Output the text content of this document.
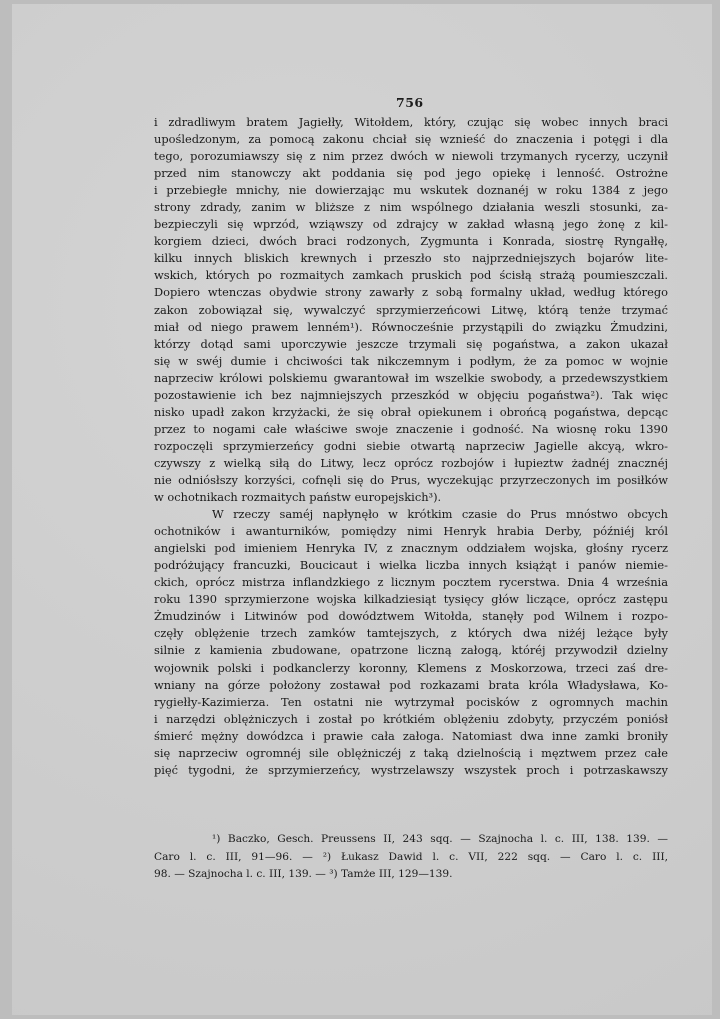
756
i zdradliwym bratem Jagiełły, Witołdem, który, czując się wobec innych braci
upośledzonym, za pomocą zakonu chciał się wznieść do znaczenia i potęgi i dla
tego, porozumiawszy się z nim przez dwóch w niewoli trzymanych rycerzy, uczynił
przed nim stanowczy akt poddania się pod jego opiekę i lenność. Ostrożne
i przebiegłe mnichy, nie dowierzając mu wskutek doznanéj w roku 1384 z jego
strony zdrady, zanim w bliższe z nim wspólnego działania weszli stosunki, za-
bezpieczyli się wprzód, wziąwszy od zdrajcy w zakład własną jego żonę z kil-
korgiem dzieci, dwóch braci rodzonych, Zygmunta i Konrada, siostrę Ryngałłę,
kilku innych bliskich krewnych i przeszło sto najprzedniejszych bojarów lite-
wskich, których po rozmaitych zamkach pruskich pod ścisłą strażą poumieszczali.
Dopiero wtenczas obydwie strony zawarły z sobą formalny układ, według którego
zakon zobowiązał się, wywalczyć sprzymierzeńcowi Litwę, którą tenże trzymać
miał od niego prawem lenném¹). Równocześnie przystąpili do związku Żmudzini,
którzy dotąd sami uporczywie jeszcze trzymali się pogaństwa, a zakon ukazał
się w swéj dumie i chciwości tak nikczemnym i podłym, że za pomoc w wojnie
naprzeciw królowi polskiemu gwarantował im wszelkie swobody, a przedewszystkiem
pozostawienie ich bez najmniejszych przeszkód w objęciu pogaństwa²). Tak więc
nisko upadł zakon krzyżacki, że się obrał opiekunem i obrońcą pogaństwa, depcąc
przez to nogami całe właściwe swoje znaczenie i godność. Na wiosnę roku 1390
rozpoczęli sprzymierzeńcy godni siebie otwartą naprzeciw Jagielle akcyą, wkro-
czywszy z wielką siłą do Litwy, lecz oprócz rozbojów i łupieztw żadnéj znacznéj
nie odniósłszy korzyści, cofnęli się do Prus, wyczekując przyrzeczonych im posiłków
w ochotnikach rozmaitych państw europejskich³).
W rzeczy saméj napłynęło w krótkim czasie do Prus mnóstwo obcych
ochotników i awanturników, pomiędzy nimi Henryk hrabia Derby, późniéj król
angielski pod imieniem Henryka IV, z znacznym oddziałem wojska, głośny rycerz
podróżujący francuzki, Boucicaut i wielka liczba innych książąt i panów niemie-
ckich, oprócz mistrza inflandzkiego z licznym pocztem rycerstwa. Dnia 4 września
roku 1390 sprzymierzone wojska kilkadziesiąt tysięcy głów liczące, oprócz zastępu
Żmudzinów i Litwinów pod dowództwem Witołda, stanęły pod Wilnem i rozpo-
częły oblężenie trzech zamków tamtejszych, z których dwa niżéj leżące były
silnie z kamienia zbudowane, opatrzone liczną załogą, któréj przywodził dzielny
wojownik polski i podkanclerzy koronny, Klemens z Moskorzowa, trzeci zaś dre-
wniany na górze położony zostawał pod rozkazami brata króla Władysława, Ko-
rygiełły-Kazimierza. Ten ostatni nie wytrzymał pocisków z ogromnych machin
i narzędzi oblężniczych i został po krótkiém oblężeniu zdobyty, przyczém poniósł
śmierć mężny dowódzca i prawie cała załoga. Natomiast dwa inne zamki broniły
się naprzeciw ogromnéj sile oblężniczéj z taką dzielnością i męztwem przez całe
pięć tygodni, że sprzymierzeńcy, wystrzelawszy wszystek proch i potrzaskawszy
¹) Baczko, Gesch. Preussens II, 243 sqq. — Szajnocha l. c. III, 138. 139. —
Caro l. c. III, 91—96. — ²) Łukasz Dawid l. c. VII, 222 sqq. — Caro l. c. III,
98. — Szajnocha l. c. III, 139. — ³) Tamże III, 129—139.
